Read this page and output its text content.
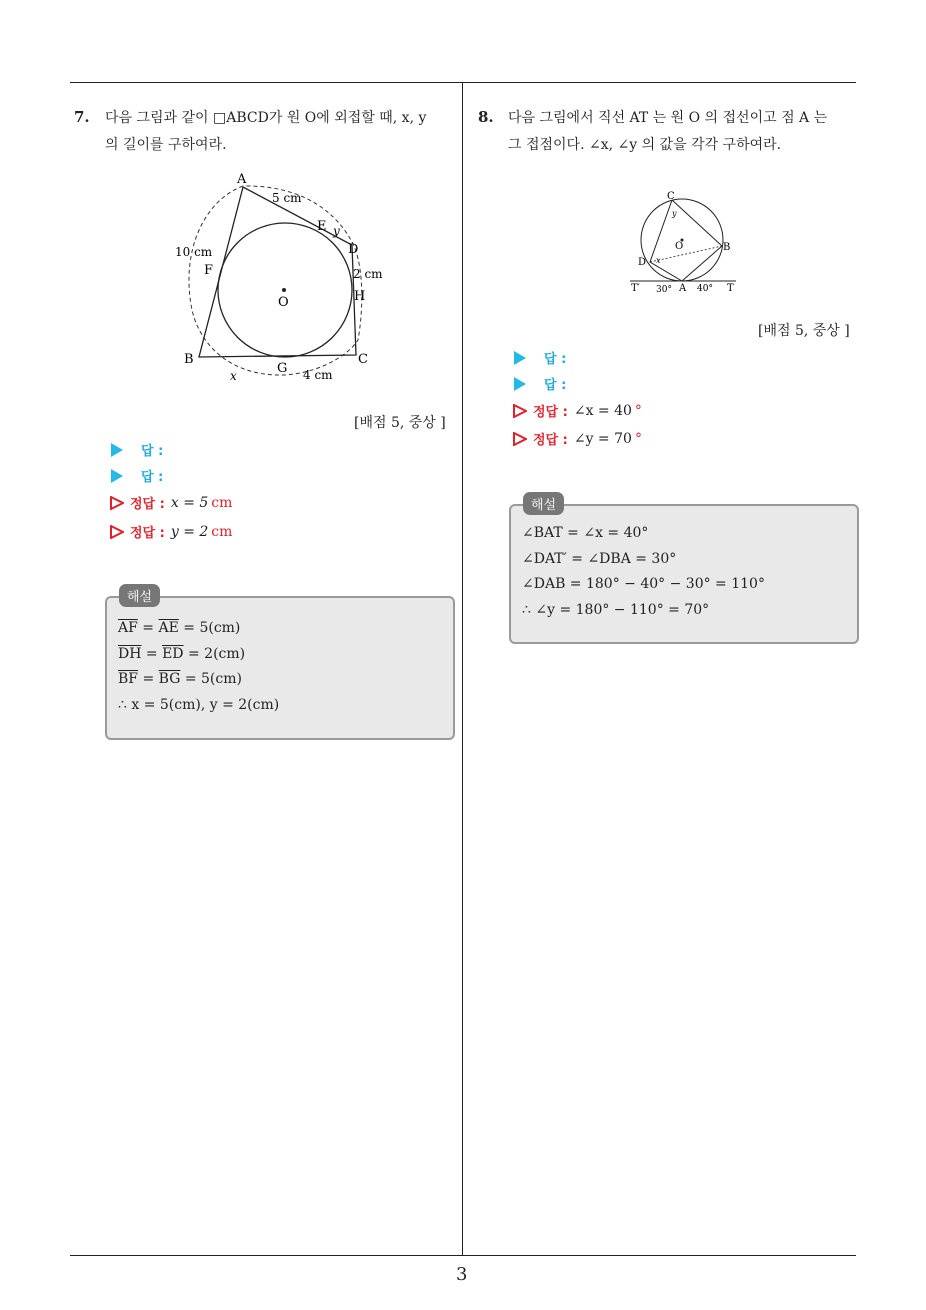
7. 다음 그림과 같이 □ABCD가 원 O에 외접할 때, x, y
의 길이를 구하여라.
A
B	C
D
E
F
G
H
O
5 cm
10 cm
2 cm
4 cm
x
y
[배점 5, 중상 ]
답 :
답 :
정답 : x = 5 cm
정답 : y = 2 cm
해설
$\overline{AF} = \overline{AE} = 5(cm)$
$\overline{DH} = \overline{ED} = 2(cm)$
$\overline{BF} = \overline{BG} = 5(cm)$
∴ x = 5(cm), y = 2(cm)
8. 다음 그림에서 직선 AT 는 원 O 의 접선이고 점 A 는
그 접점이다. ∠x, ∠y 의 값을 각각 구하여라.
C
B
D
O
A
T′	T
30°	40°
x
y
[배점 5, 중상 ]
답 :
답 :
정답 : ∠x = 40 °
정답 : ∠y = 70 °
해설
∠BAT = ∠x = 40°
∠DAT′ = ∠DBA = 30°
∠DAB = 180° − 40° − 30° = 110°
∴ ∠y = 180° − 110° = 70°
3
